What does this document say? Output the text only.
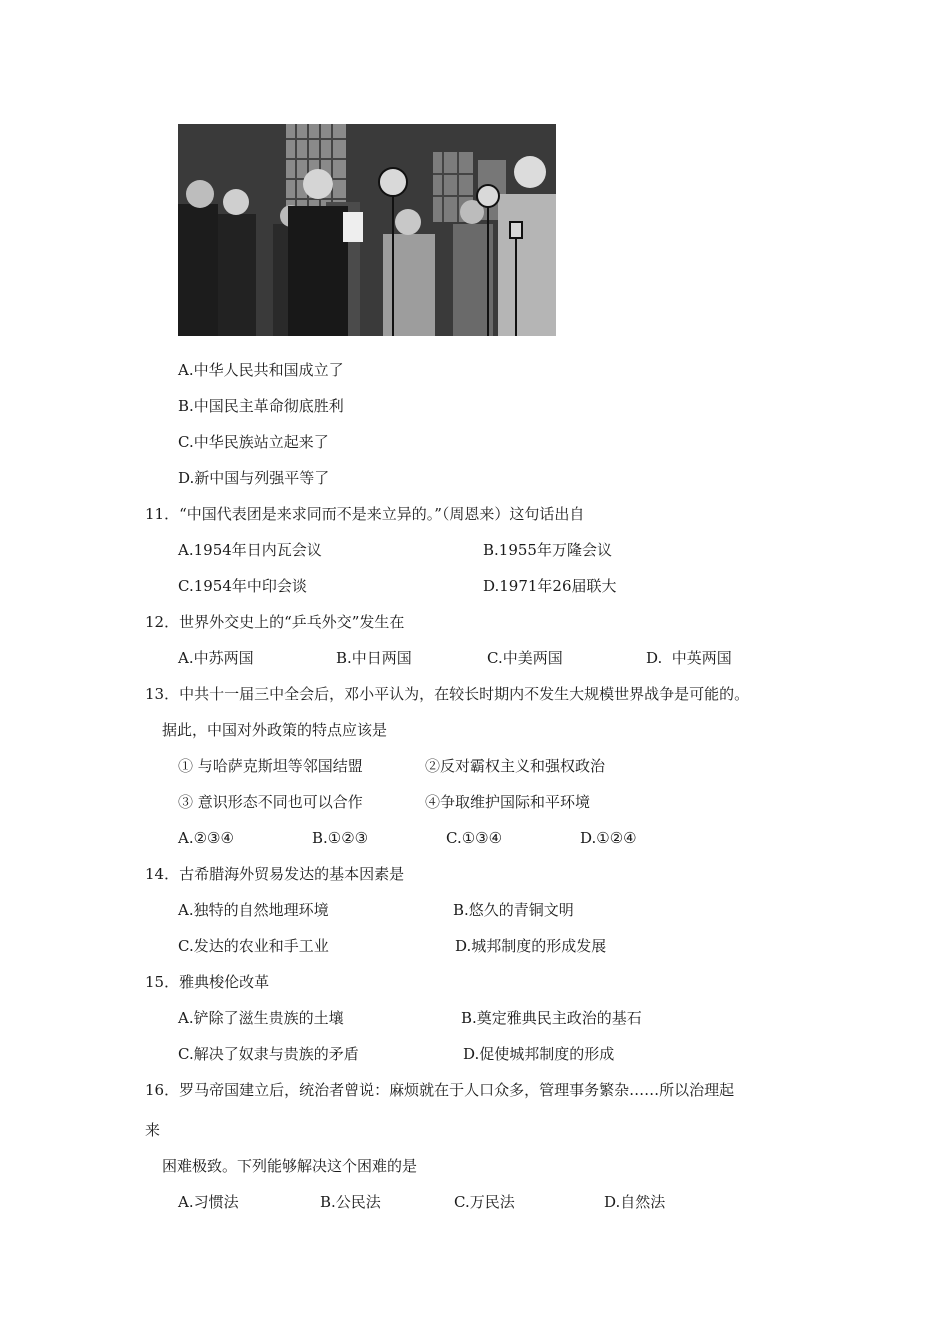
A.中华人民共和国成立了
B.中国民主革命彻底胜利
C.中华民族站立起来了
D.新中国与列强平等了
11．“中国代表团是来求同而不是来立异的。”（周恩来）这句话出自
A.1954年日内瓦会议	B.1955年万隆会议
C.1954年中印会谈	D.1971年26届联大
12．世界外交史上的“乒乓外交”发生在
A.中苏两国	B.中日两国	C.中美两国	D.  中英两国
13．中共十一届三中全会后，邓小平认为，在较长时期内不发生大规模世界战争是可能的。
据此，中国对外政策的特点应该是
① 与哈萨克斯坦等邻国结盟	②反对霸权主义和强权政治
③ 意识形态不同也可以合作	④争取维护国际和平环境
A.②③④	B.①②③	C.①③④	D.①②④
14．古希腊海外贸易发达的基本因素是
A.独特的自然地理环境	B.悠久的青铜文明
C.发达的农业和手工业	D.城邦制度的形成发展
15．雅典梭伦改革
A.铲除了滋生贵族的土壤	B.奠定雅典民主政治的基石
C.解决了奴隶与贵族的矛盾	D.促使城邦制度的形成
16．罗马帝国建立后，统治者曾说：麻烦就在于人口众多，管理事务繁杂……所以治理起
来
困难极致。下列能够解决这个困难的是
A.习惯法	B.公民法	C.万民法	D.自然法
